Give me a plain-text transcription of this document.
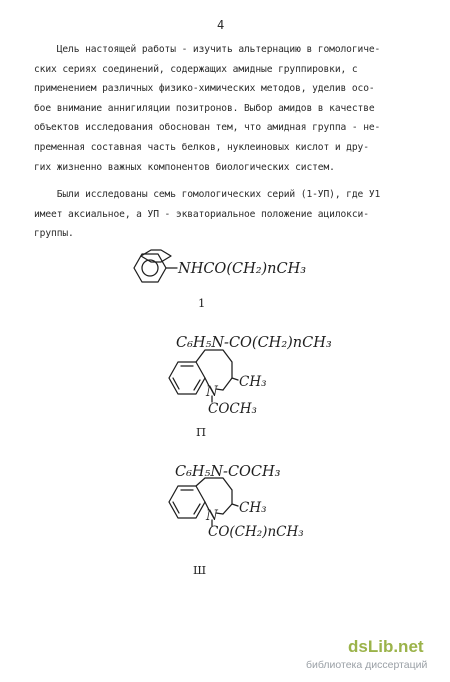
4
Цель настоящей работы - изучить альтернацию в гомологиче-
ских сериях соединений, содержащих амидные группировки, с
применением различных физико-химических методов, уделив осо-
бое внимание аннигиляции позитронов. Выбор амидов в качестве
объектов исследования обоснован тем, что амидная группа - не-
пременная составная часть белков, нуклеиновых кислот и дру-
гих жизненно важных компонентов биологических систем.
Были исследованы семь гомологических серий (1-УП), где У1
имеет аксиальное, а УП - экваториальное положение ацилокси-
группы.
NHCO(CH₂)nCH₃
1
C₆H₅N-CO(CH₂)nCH₃
N
CH₃
COCH₃
П
C₆H₅N-COCH₃
N CH₃
CO(CH₂)nCH₃
Ш
dsLib.net
библиотека диссертаций
